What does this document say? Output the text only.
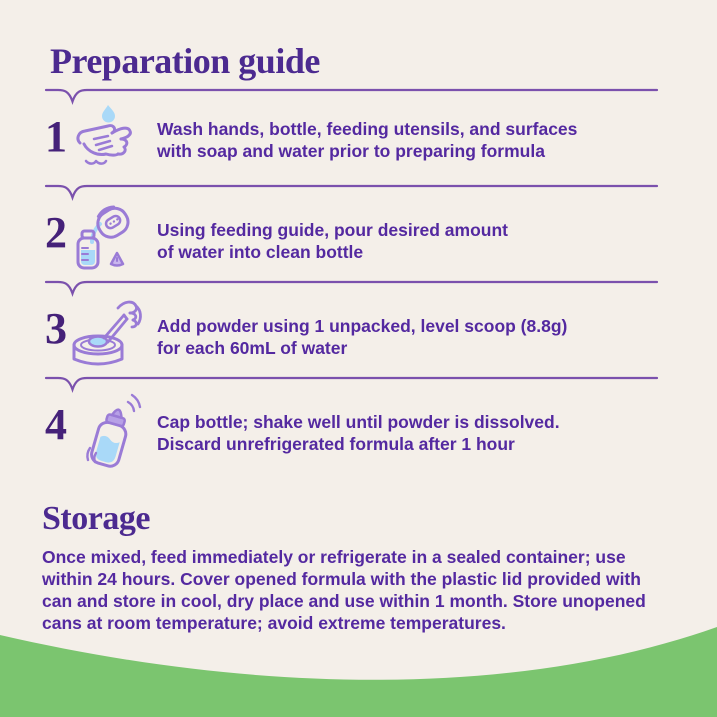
Preparation guide
1	Wash hands, bottle, feeding utensils, and surfaces
with soap and water prior to preparing formula
2	Using feeding guide, pour desired amount
of water into clean bottle
3	Add powder using 1 unpacked, level scoop (8.8g)
for each 60mL of water
4	Cap bottle; shake well until powder is dissolved.
Discard unrefrigerated formula after 1 hour
Storage
Once mixed, feed immediately or refrigerate in a sealed container; use
within 24 hours. Cover opened formula with the plastic lid provided with
can and store in cool, dry place and use within 1 month. Store unopened
cans at room temperature; avoid extreme temperatures.
